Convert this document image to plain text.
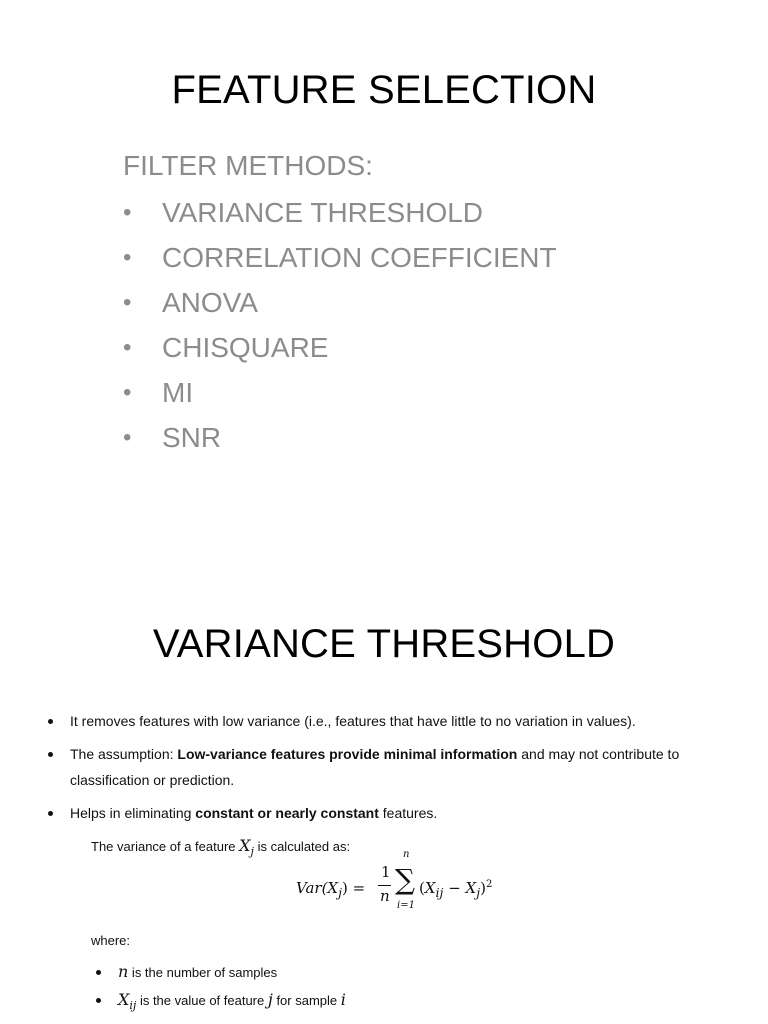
FEATURE SELECTION
FILTER METHODS:
• VARIANCE THRESHOLD
• CORRELATION COEFFICIENT
• ANOVA
• CHISQUARE
• MI
• SNR
VARIANCE THRESHOLD
It removes features with low variance (i.e., features that have little to no variation in values).
The assumption: Low-variance features provide minimal information and may not contribute to classification or prediction.
Helps in eliminating constant or nearly constant features.
The variance of a feature $X_j$ is calculated as:
$Var(X_j)$ =
1
n
n
∑
i=1
$(X_{ij} - X_j)^2$
where:
n is the number of samples
$X_{ij}$ is the value of feature j for sample i
